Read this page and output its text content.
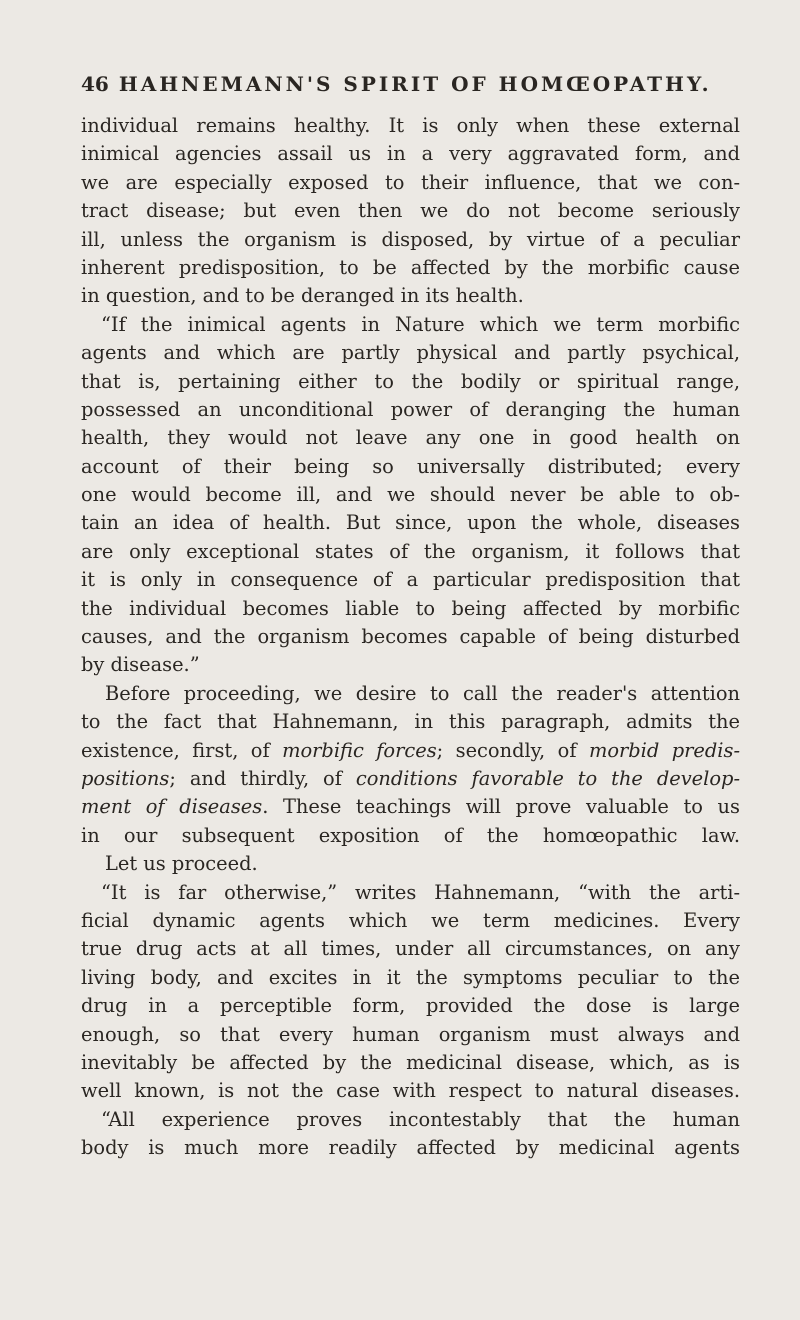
46 HAHNEMANN'S SPIRIT OF HOMŒOPATHY.
individual remains healthy. It is only when these external
inimical agencies assail us in a very aggravated form, and
we are especially exposed to their influence, that we con-
tract disease; but even then we do not become seriously
ill, unless the organism is disposed, by virtue of a peculiar
inherent predisposition, to be affected by the morbific cause
in question, and to be deranged in its health.
“If the inimical agents in Nature which we term morbific
agents and which are partly physical and partly psychical,
that is, pertaining either to the bodily or spiritual range,
possessed an unconditional power of deranging the human
health, they would not leave any one in good health on
account of their being so universally distributed; every
one would become ill, and we should never be able to ob-
tain an idea of health. But since, upon the whole, diseases
are only exceptional states of the organism, it follows that
it is only in consequence of a particular predisposition that
the individual becomes liable to being affected by morbific
causes, and the organism becomes capable of being disturbed
by disease.”
Before proceeding, we desire to call the reader's attention
to the fact that Hahnemann, in this paragraph, admits the
existence, first, of morbific forces; secondly, of morbid predis-
positions; and thirdly, of conditions favorable to the develop-
ment of diseases. These teachings will prove valuable to us
in our subsequent exposition of the homœopathic law.
Let us proceed.
“It is far otherwise,” writes Hahnemann, “with the arti-
ficial dynamic agents which we term medicines. Every
true drug acts at all times, under all circumstances, on any
living body, and excites in it the symptoms peculiar to the
drug in a perceptible form, provided the dose is large
enough, so that every human organism must always and
inevitably be affected by the medicinal disease, which, as is
well known, is not the case with respect to natural diseases.
“All experience proves incontestably that the human
body is much more readily affected by medicinal agents
